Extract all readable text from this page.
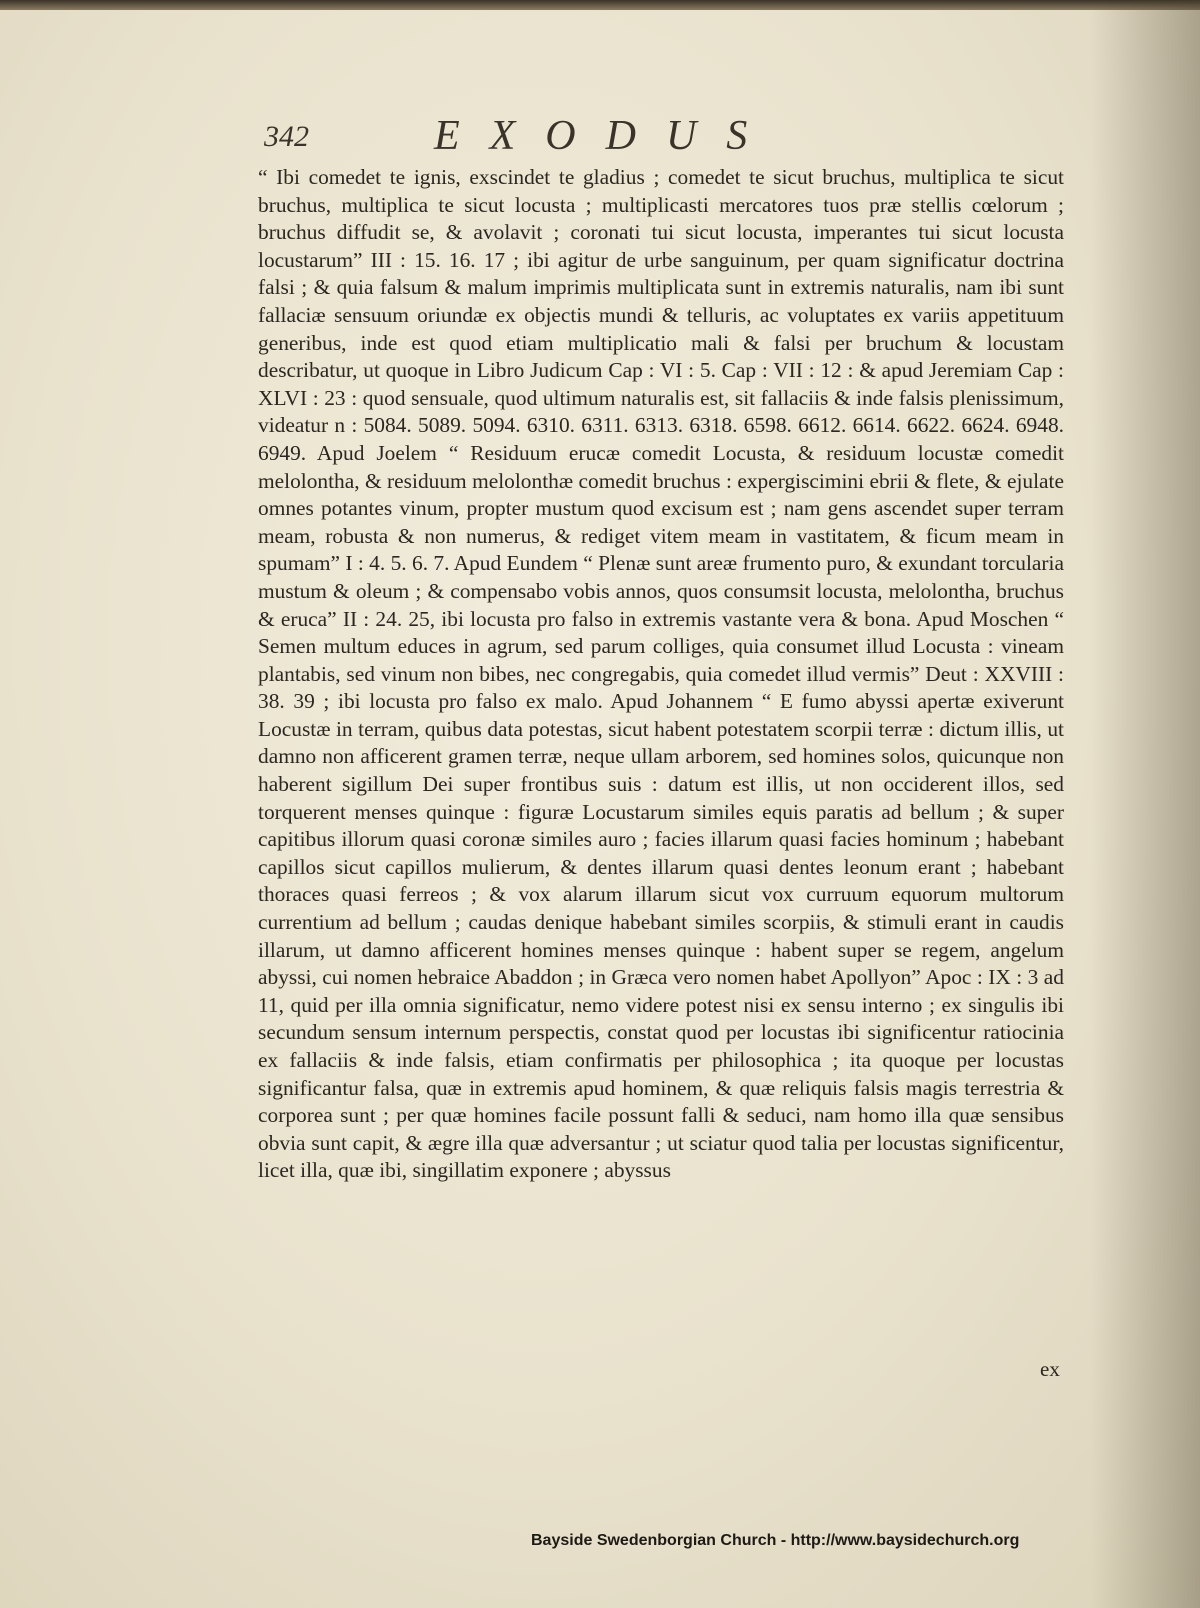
342	EXODUS

“ Ibi comedet te ignis, exscindet te gladius ; comedet te sicut bruchus, multiplica te sicut bruchus, multiplica te sicut locusta ; multiplicasti mercatores tuos præ stellis cœlorum ; bruchus diffudit se, & avolavit ; coronati tui sicut locusta, imperantes tui sicut locusta locustarum” III : 15. 16. 17 ; ibi agitur de urbe sanguinum, per quam significatur doctrina falsi ; & quia falsum & malum imprimis multiplicata sunt in extremis naturalis, nam ibi sunt fallaciæ sensuum oriundæ ex objectis mundi & telluris, ac voluptates ex variis appetituum generibus, inde est quod etiam multiplicatio mali & falsi per bruchum & locustam describatur, ut quoque in Libro Judicum Cap : VI : 5. Cap : VII : 12 : & apud Jeremiam Cap : XLVI : 23 : quod sensuale, quod ultimum naturalis est, sit fallaciis & inde falsis plenissimum, videatur n : 5084. 5089. 5094. 6310. 6311. 6313. 6318. 6598. 6612. 6614. 6622. 6624. 6948. 6949. Apud Joelem “ Residuum erucæ comedit Locusta, & residuum locustæ comedit melolontha, & residuum melolonthæ comedit bruchus : expergiscimini ebrii & flete, & ejulate omnes potantes vinum, propter mustum quod excisum est ; nam gens ascendet super terram meam, robusta & non numerus, & rediget vitem meam in vastitatem, & ficum meam in spumam” I : 4. 5. 6. 7. Apud Eundem “ Plenæ sunt areæ frumento puro, & exundant torcularia mustum & oleum ; & compensabo vobis annos, quos consumsit locusta, melolontha, bruchus & eruca” II : 24. 25, ibi locusta pro falso in extremis vastante vera & bona. Apud Moschen “ Semen multum educes in agrum, sed parum colliges, quia consumet illud Locusta : vineam plantabis, sed vinum non bibes, nec congregabis, quia comedet illud vermis” Deut : XXVIII : 38. 39 ; ibi locusta pro falso ex malo. Apud Johannem “ E fumo abyssi apertæ exiverunt Locustæ in terram, quibus data potestas, sicut habent potestatem scorpii terræ : dictum illis, ut damno non afficerent gramen terræ, neque ullam arborem, sed homines solos, quicunque non haberent sigillum Dei super frontibus suis : datum est illis, ut non occiderent illos, sed torquerent menses quinque : figuræ Locustarum similes equis paratis ad bellum ; & super capitibus illorum quasi coronæ similes auro ; facies illarum quasi facies hominum ; habebant capillos sicut capillos mulierum, & dentes illarum quasi dentes leonum erant ; habebant thoraces quasi ferreos ; & vox alarum illarum sicut vox curruum equorum multorum currentium ad bellum ; caudas denique habebant similes scorpiis, & stimuli erant in caudis illarum, ut damno afficerent homines menses quinque : habent super se regem, angelum abyssi, cui nomen hebraice Abaddon ; in Græca vero nomen habet Apollyon” Apoc : IX : 3 ad 11, quid per illa omnia significatur, nemo videre potest nisi ex sensu interno ; ex singulis ibi secundum sensum internum perspectis, constat quod per locustas ibi significentur ratiocinia ex fallaciis & inde falsis, etiam confirmatis per philosophica ; ita quoque per locustas significantur falsa, quæ in extremis apud hominem, & quæ reliquis falsis magis terrestria & corporea sunt ; per quæ homines facile possunt falli & seduci, nam homo illa quæ sensibus obvia sunt capit, & ægre illa quæ adversantur ; ut sciatur quod talia per locustas significentur, licet illa, quæ ibi, singillatim exponere ; abyssus

ex
Bayside Swedenborgian Church - http://www.baysidechurch.org
